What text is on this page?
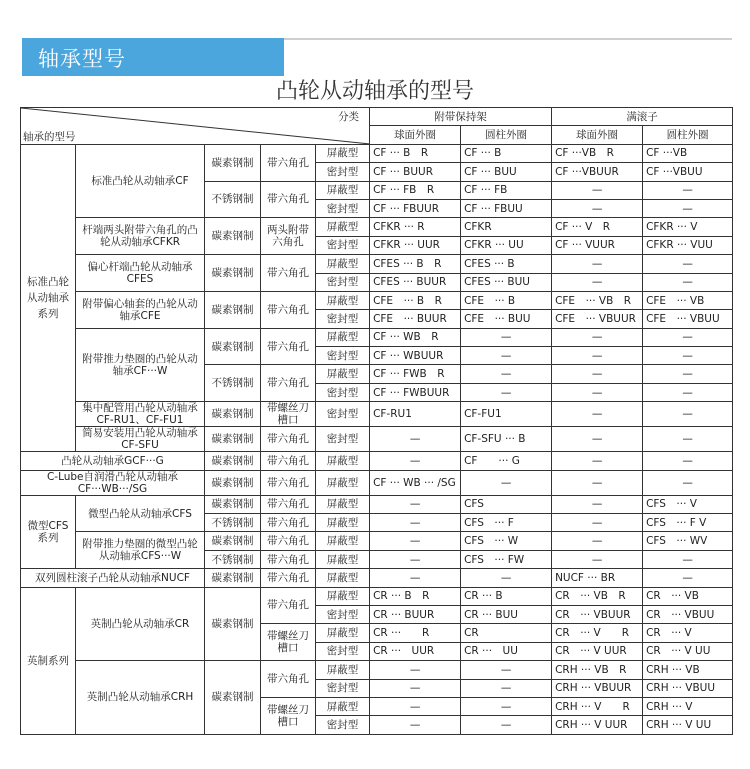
轴承型号
凸轮从动轴承的型号
分类
轴承的型号					附带保持架		满滚子	
					球面外圈	圆柱外圈	球面外圈	圆柱外圈
标准凸轮从动轴承系列	标准凸轮从动轴承CF	碳素钢制	带六角孔	屏蔽型	CF ··· B　R	CF ··· B	CF ···VB　R	CF ···VB
				密封型	CF ··· BUUR	CF ··· BUU	CF ···VBUUR	CF ···VBUU
		不锈钢制	带六角孔	屏蔽型	CF ··· FB　R	CF ··· FB	—	—
				密封型	CF ··· FBUUR	CF ··· FBUU	—	—
	杆端两头附带六角孔的凸轮从动轴承CFKR	碳素钢制	两头附带六角孔	屏蔽型	CFKR ··· R	CFKR	CF ··· V　R	CFKR ··· V
				密封型	CFKR ··· UUR	CFKR ··· UU	CF ··· VUUR	CFKR ··· VUU
	偏心杆端凸轮从动轴承CFES	碳素钢制	带六角孔	屏蔽型	CFES ··· B　R	CFES ··· B	—	—
				密封型	CFES ··· BUUR	CFES ··· BUU	—	—
	附带偏心轴套的凸轮从动轴承CFE	碳素钢制	带六角孔	屏蔽型	CFE　··· B　R	CFE　··· B	CFE　··· VB　R	CFE　··· VB
				密封型	CFE　··· BUUR	CFE　··· BUU	CFE　··· VBUUR	CFE　··· VBUU
	附带推力垫圈的凸轮从动轴承CF···W	碳素钢制	带六角孔	屏蔽型	CF ··· WB　R	—	—	—
				密封型	CF ··· WBUUR	—	—	—
		不锈钢制	带六角孔	屏蔽型	CF ··· FWB　R	—	—	—
				密封型	CF ··· FWBUUR	—	—	—
	集中配管用凸轮从动轴承CF-RU1、CF-FU1	碳素钢制	带螺丝刀槽口	密封型	CF-RU1	CF-FU1	—	—
	简易安装用凸轮从动轴承CF-SFU	碳素钢制	带六角孔	密封型	—	CF-SFU ··· B	—	—
凸轮从动轴承GCF···G		碳素钢制	带六角孔	屏蔽型	—	CF　　··· G	—	—
C-Lube自润滑凸轮从动轴承CF···WB···/SG		碳素钢制	带六角孔	屏蔽型	CF ··· WB ··· /SG	—	—	—
微型CFS系列	微型凸轮从动轴承CFS	碳素钢制	带六角孔	屏蔽型	—	CFS	—	CFS　··· V
		不锈钢制	带六角孔	屏蔽型	—	CFS　··· F	—	CFS　··· F V
	附带推力垫圈的微型凸轮从动轴承CFS···W	碳素钢制	带六角孔	屏蔽型	—	CFS　··· W	—	CFS　··· WV
		不锈钢制	带六角孔	屏蔽型	—	CFS　··· FW	—	—
双列圆柱滚子凸轮从动轴承NUCF		碳素钢制	带六角孔	屏蔽型	—	—	NUCF ··· BR	—
英制系列	英制凸轮从动轴承CR	碳素钢制	带六角孔	屏蔽型	CR ··· B　R	CR ··· B	CR　··· VB　R	CR　··· VB
				密封型	CR ··· BUUR	CR ··· BUU	CR　··· VBUUR	CR　··· VBUU
			带螺丝刀槽口	屏蔽型	CR ···　　R	CR	CR　··· V　　R	CR　··· V
				密封型	CR ···　UUR	CR ···　UU	CR　··· V UUR	CR　··· V UU
	英制凸轮从动轴承CRH	碳素钢制	带六角孔	屏蔽型	—	—	CRH ··· VB　R	CRH ··· VB
				密封型	—	—	CRH ··· VBUUR	CRH ··· VBUU
			带螺丝刀槽口	屏蔽型	—	—	CRH ··· V　　R	CRH ··· V
				密封型	—	—	CRH ··· V UUR	CRH ··· V UU
